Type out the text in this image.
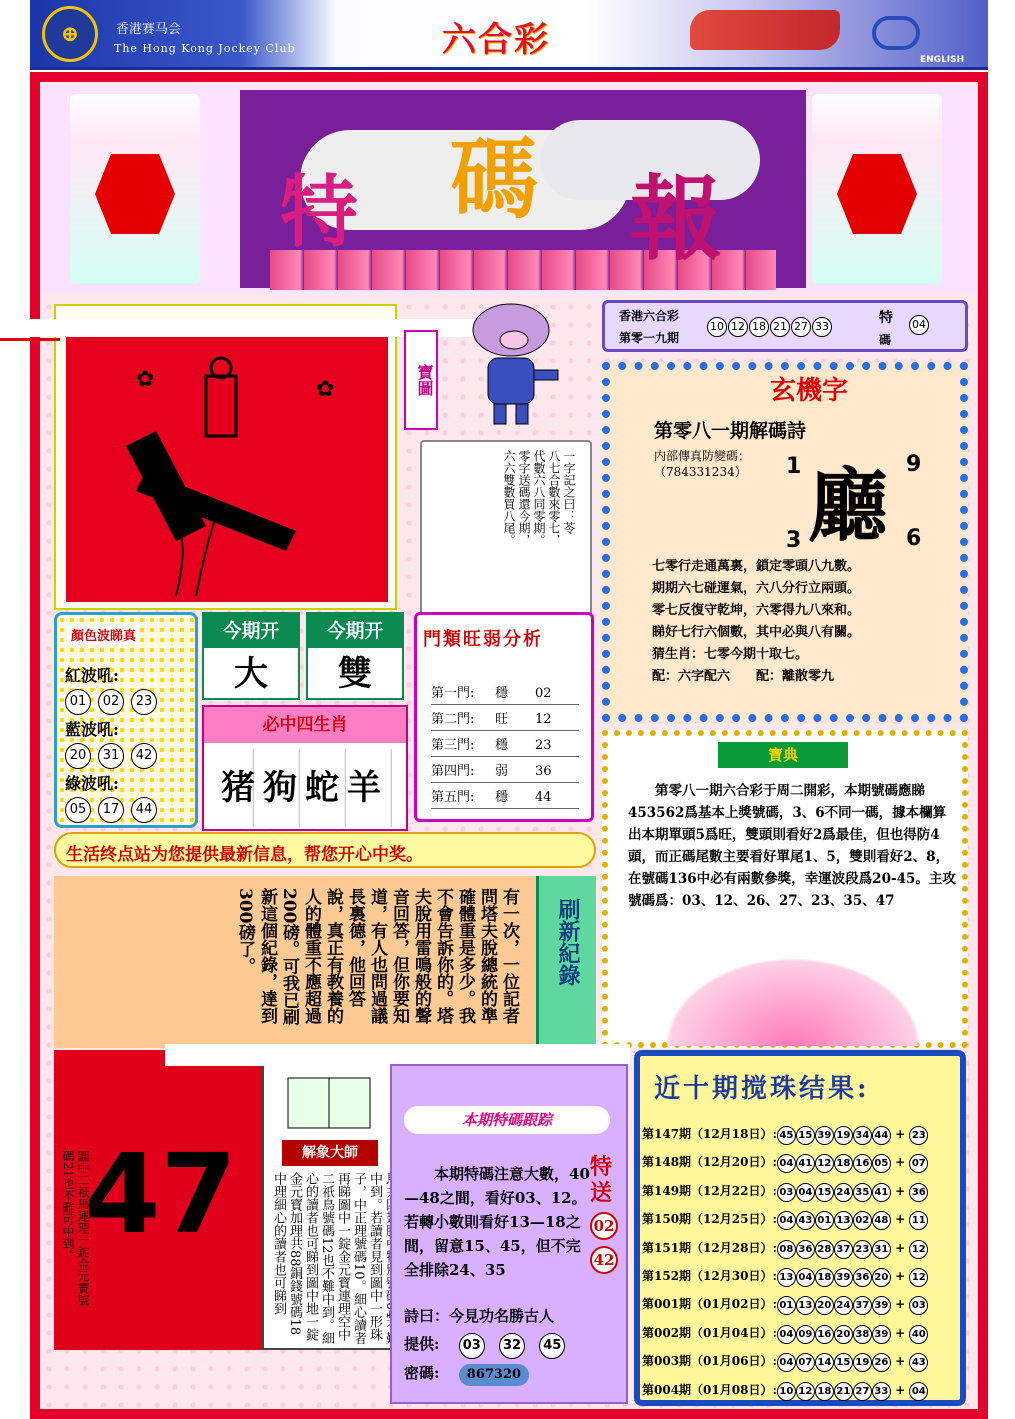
⊕	香港赛马会
The Hong Kong Jockey Club	六合彩	ENGLISH
特 碼 報
✿	✿	寶圖
一字記之曰：苓
八七合數來零七，
代數六八同零期。
零字送碼還今期，
六六雙數買八尾。
香港六合彩
第零一九期
10 12 18 21 27 33
特
碼
04
玄機字
第零八一期解碼詩
内部傳真防變碼：
（784331234） 廳
1	9
3	6
七零行走通萬裏，鎖定零頭八九數。
期期六七碰運氣，六八分行立兩頭。
零七反復守乾坤，六零得九八來和。
睇好七行六個數，其中必與八有關。
猜生肖：七零今期十取七。
配：六字配六　　配：離散零九
顏色波睇真
紅波吼:
01 02 23
藍波吼:
20 31 42
綠波吼:
05 17 44
今期开
大
今期开
雙
必中四生肖
猪狗蛇羊
門類旺弱分析
第一門: 穩 02
第二門: 旺 12
第三門: 穩 23
第四門: 弱 36
第五門: 穩 44
生活终点站为您提供最新信息，帮您开心中奖。
刷新紀錄
有一次，一位記者問塔夫脫總統的準確體重是多少。我不會告訴你的。塔夫脫用雷鳴般的聲音回答，但你要知道，有人也問過議長裏德，他回答說，真正有教養的人的體重不應超過200磅。可我已刷新這個紀錄，達到300磅了。
寶典
第零八一期六合彩于周二開彩，本期號碼應睇453562爲基本上獎號碼，3、6不同一碼，據本欄算出本期單頭5爲旺，雙頭則看好2爲最佳，但也得防4頭，而正碼尾數主要看好單尾1、5，雙則看好2、8，在號碼136中必有兩數參獎，幸運波段爲20-45。主攻號碼爲：03、12、26、27、23、35、47
47
圖中二祇馬連理一錠金元寶號碼21也不難可中到。	解象大師
中到。若讀者見到圖中一形珠子，中正理號碼10。細心讀者再睇圖中一錠金元寶連理空中二祇鳥號碼12也不難中到。細心的讀者也可睇到圖中地一錠金元寶加理共88銅錢號碼18中理細心的讀者也可睇到
本期特碼跟踪
本期特碼注意大數，40—48之間，看好03、12。若轉小數則看好13—18之間，留意15、45，但不完全排除24、35
特送
02
42
詩曰：今見功名勝古人
提供: 03 32 45
密碼: 867320
近十期搅珠结果:
第147期（12月18日）: 45 15 39 19 34 44 + 23
第148期（12月20日）: 04 41 12 18 16 05 + 07
第149期（12月22日）: 03 04 15 24 35 41 + 36
第150期（12月25日）: 04 43 01 13 02 48 + 11
第151期（12月28日）: 08 36 28 37 23 31 + 12
第152期（12月30日）: 13 04 18 39 36 20 + 12
第001期（01月02日）: 01 13 20 24 37 39 + 03
第002期（01月04日）: 04 09 16 20 38 39 + 40
第003期（01月06日）: 04 07 14 15 19 26 + 43
第004期（01月08日）: 10 12 18 21 27 33 + 04
